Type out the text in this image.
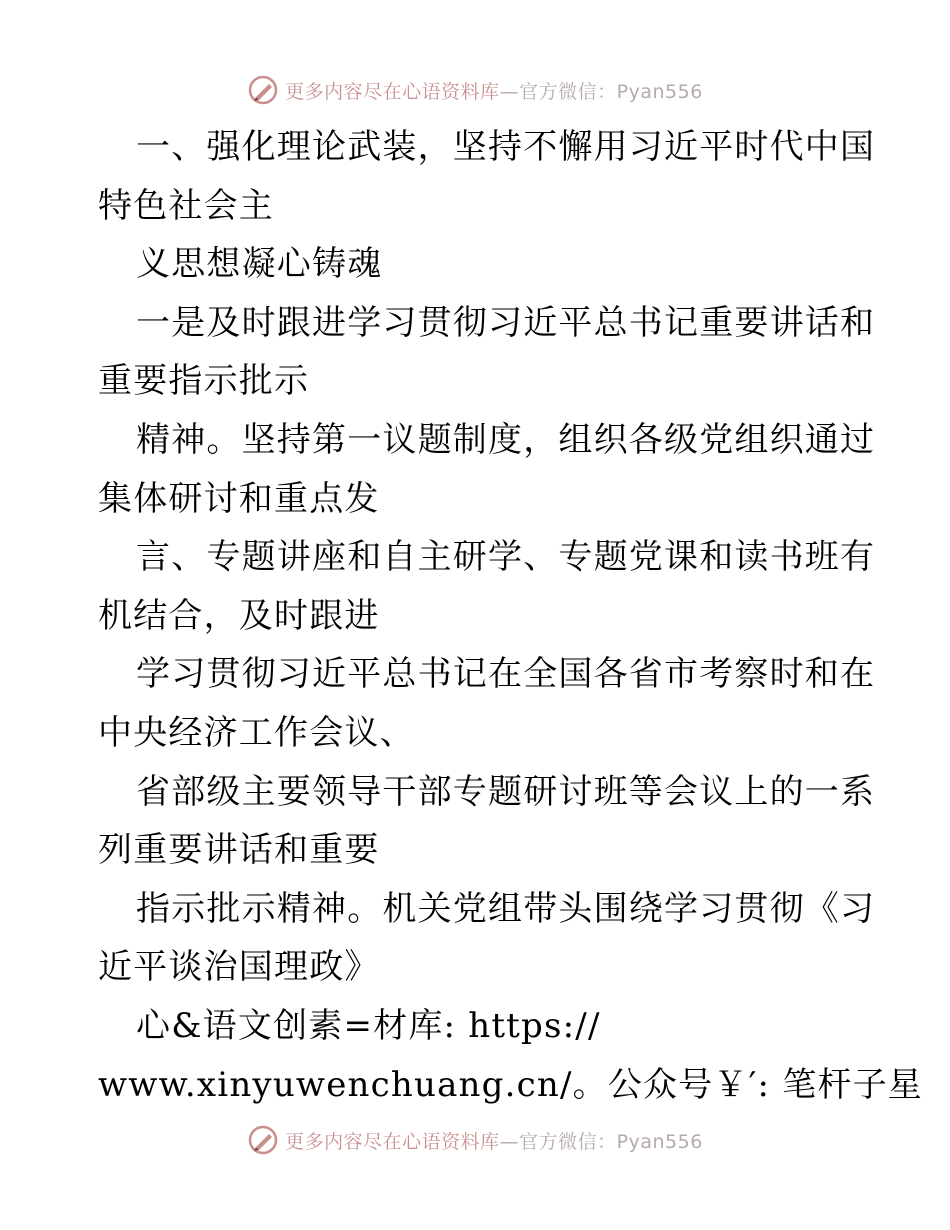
更多内容尽在心语资料库 —官方微信：Pyan556
一、强化理论武装，坚持不懈用习近平时代中国
特色社会主
义思想凝心铸魂
一是及时跟进学习贯彻习近平总书记重要讲话和
重要指示批示
精神。坚持第一议题制度，组织各级党组织通过
集体研讨和重点发
言、专题讲座和自主研学、专题党课和读书班有
机结合，及时跟进
学习贯彻习近平总书记在全国各省市考察时和在
中央经济工作会议、
省部级主要领导干部专题研讨班等会议上的一系
列重要讲话和重要
指示批示精神。机关党组带头围绕学习贯彻《习
近平谈治国理政》
心&语文创素=材库: https://
www.xinyuwenchuang.cn/。公众号￥′: 笔杆子星
更多内容尽在心语资料库 —官方微信：Pyan556
